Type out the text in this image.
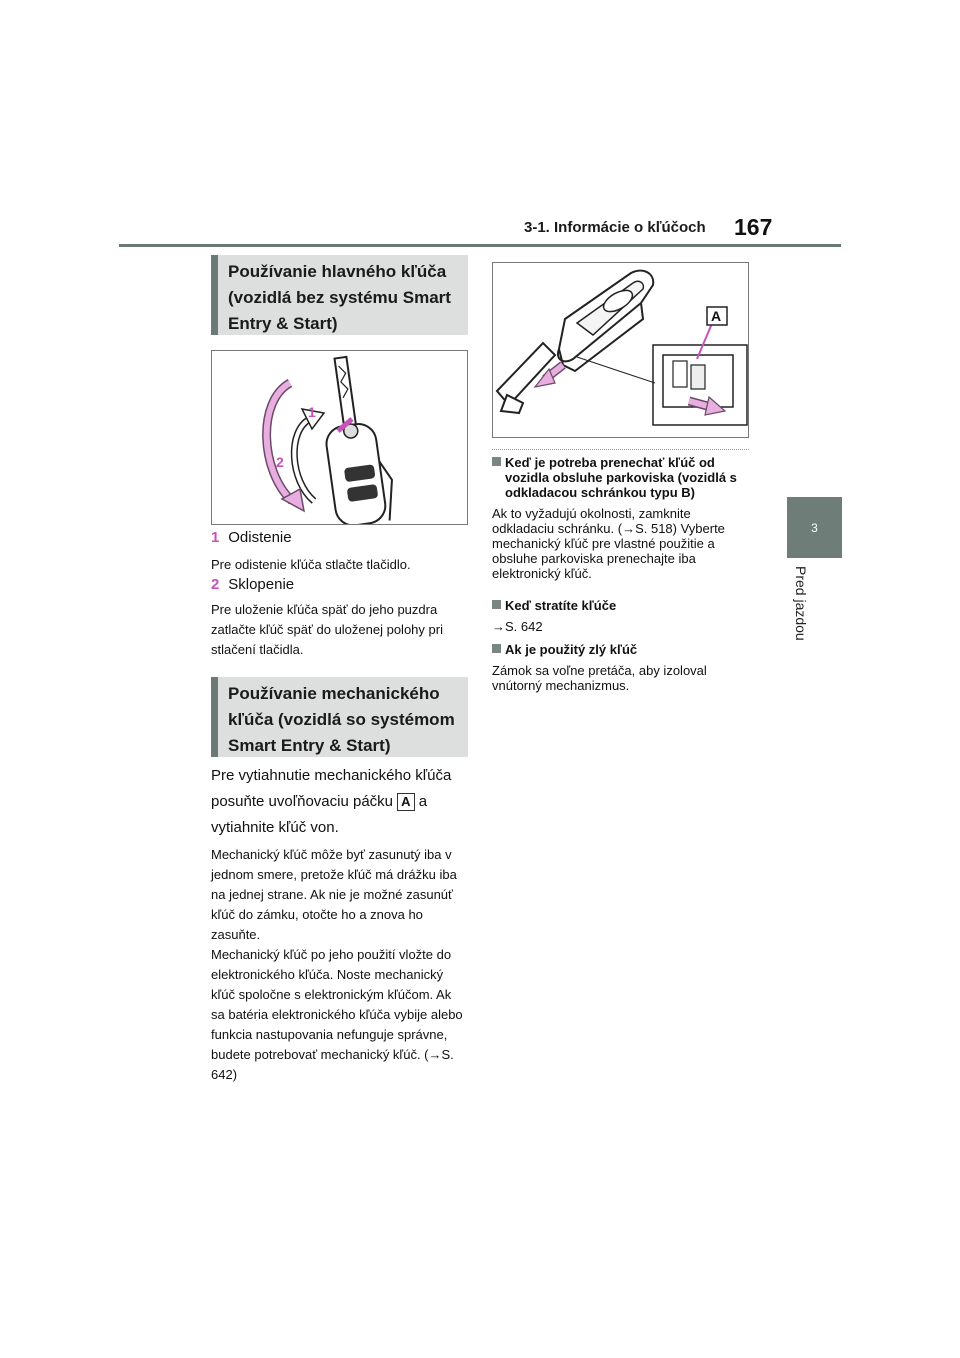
3-1. Informácie o kľúčoch 167
3
Pred jazdou
Používanie hlavného kľúča (vozidlá bez systému Smart Entry & Start)
1
2
1 Odistenie
Pre odistenie kľúča stlačte tlačidlo.
2 Sklopenie
Pre uloženie kľúča späť do jeho puzdra zatlačte kľúč späť do uloženej polohy pri stlačení tlačidla.
Používanie mechanického kľúča (vozidlá so systémom Smart Entry & Start)
Pre vytiahnutie mechanického kľúča posuňte uvoľňovaciu páčku A a vytiahnite kľúč von.
Mechanický kľúč môže byť zasunutý iba v jednom smere, pretože kľúč má drážku iba na jednej strane. Ak nie je možné zasunúť kľúč do zámku, otočte ho a znova ho zasuňte.
Mechanický kľúč po jeho použití vložte do elektronického kľúča. Noste mechanický kľúč spoločne s elektronickým kľúčom. Ak sa batéria elektronického kľúča vybije alebo funkcia nastupovania nefunguje správne, budete potrebovať mechanický kľúč. (→S. 642)
A
Keď je potreba prenechať kľúč od vozidla obsluhe parkoviska (vozidlá s odkladacou schránkou typu B)
Ak to vyžadujú okolnosti, zamknite odkladaciu schránku. (→S. 518) Vyberte mechanický kľúč pre vlastné použitie a obsluhe parkoviska prenechajte iba elektronický kľúč.
Keď stratíte kľúče
→S. 642
Ak je použitý zlý kľúč
Zámok sa voľne pretáča, aby izoloval vnútorný mechanizmus.
